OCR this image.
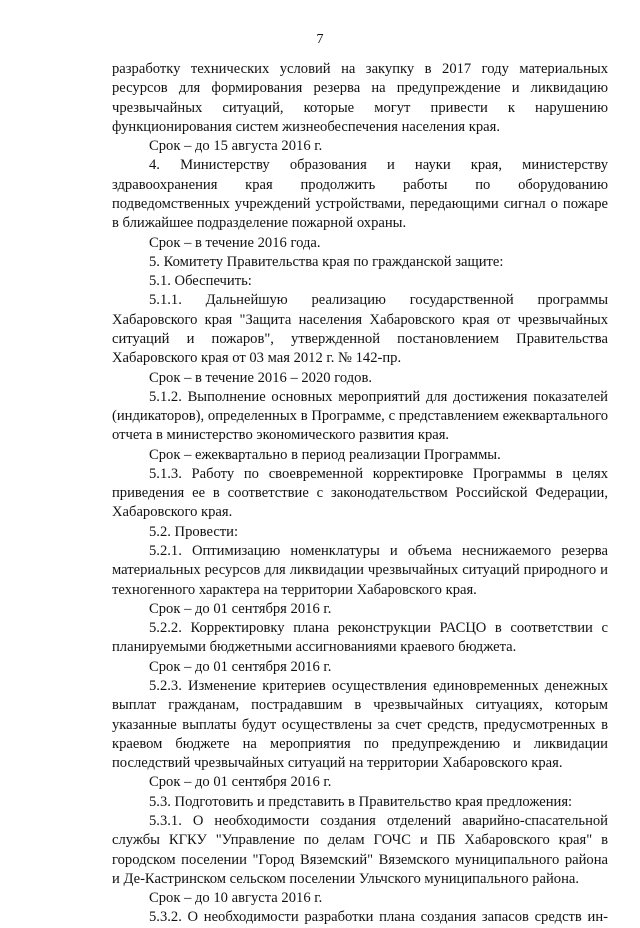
7

разработку технических условий на закупку в 2017 году материальных ресурсов для формирования резерва на предупреждение и ликвидацию чрезвычайных ситуаций, которые могут привести к нарушению функционирования систем жизнеобеспечения населения края.

Срок – до 15 августа 2016 г.

4. Министерству образования и науки края, министерству здравоохранения края продолжить работы по оборудованию подведомственных учреждений устройствами, передающими сигнал о пожаре в ближайшее подразделение пожарной охраны.

Срок – в течение 2016 года.

5. Комитету Правительства края по гражданской защите:

5.1. Обеспечить:

5.1.1. Дальнейшую реализацию государственной программы Хабаровского края "Защита населения Хабаровского края от чрезвычайных ситуаций и пожаров", утвержденной постановлением Правительства Хабаровского края от 03 мая 2012 г. № 142-пр.

Срок – в течение 2016 – 2020 годов.

5.1.2. Выполнение основных мероприятий для достижения показателей (индикаторов), определенных в Программе, с представлением ежеквартального отчета в министерство экономического развития края.

Срок – ежеквартально в период реализации Программы.

5.1.3. Работу по своевременной корректировке Программы в целях приведения ее в соответствие с законодательством Российской Федерации, Хабаровского края.

5.2. Провести:

5.2.1. Оптимизацию номенклатуры и объема неснижаемого резерва материальных ресурсов для ликвидации чрезвычайных ситуаций природного и техногенного характера на территории Хабаровского края.

Срок – до 01 сентября 2016 г.

5.2.2. Корректировку плана реконструкции РАСЦО в соответствии с планируемыми бюджетными ассигнованиями краевого бюджета.

Срок – до 01 сентября 2016 г.

5.2.3. Изменение критериев осуществления единовременных денежных выплат гражданам, пострадавшим в чрезвычайных ситуациях, которым указанные выплаты будут осуществлены за счет средств, предусмотренных в краевом бюджете на мероприятия по предупреждению и ликвидации последствий чрезвычайных ситуаций на территории Хабаровского края.

Срок – до 01 сентября 2016 г.

5.3. Подготовить и представить в Правительство края предложения:

5.3.1. О необходимости создания отделений аварийно-спасательной службы КГКУ "Управление по делам ГОЧС и ПБ Хабаровского края" в городском поселении "Город Вяземский" Вяземского муниципального района и Де-Кастринском сельском поселении Ульчского муниципального района.

Срок – до 10 августа 2016 г.

5.3.2. О необходимости разработки плана создания запасов средств ин-
